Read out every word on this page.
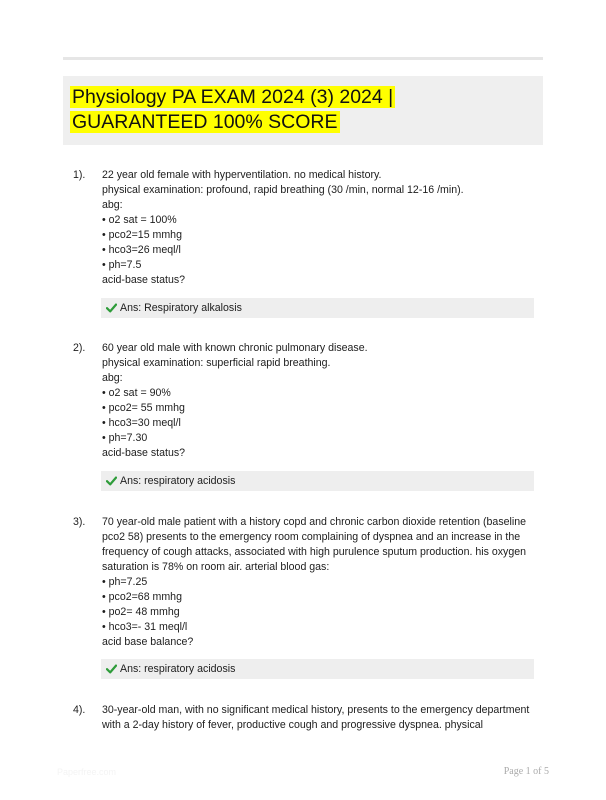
Physiology PA EXAM 2024 (3) 2024 | GUARANTEED 100% SCORE
1).	22 year old female with hyperventilation. no medical history.
physical examination: profound, rapid breathing (30 /min, normal 12-16 /min).
abg:
• o2 sat = 100%
• pco2=15 mmhg
• hco3=26 meql/l
• ph=7.5
acid-base status?
Ans: Respiratory alkalosis
2).	60 year old male with known chronic pulmonary disease.
physical examination: superficial rapid breathing.
abg:
• o2 sat = 90%
• pco2= 55 mmhg
• hco3=30 meql/l
• ph=7.30
acid-base status?
Ans: respiratory acidosis
3).	70 year-old male patient with a history copd and chronic carbon dioxide retention (baseline pco2 58) presents to the emergency room complaining of dyspnea and an increase in the frequency of cough attacks, associated with high purulence sputum production. his oxygen saturation is 78% on room air. arterial blood gas:
• ph=7.25
• pco2=68 mmhg
• po2= 48 mmhg
• hco3=- 31 meql/l
acid base balance?
Ans: respiratory acidosis
4).	30-year-old man, with no significant medical history, presents to the emergency department with a 2-day history of fever, productive cough and progressive dyspnea. physical
Paperfree.com	Page 1 of 5
